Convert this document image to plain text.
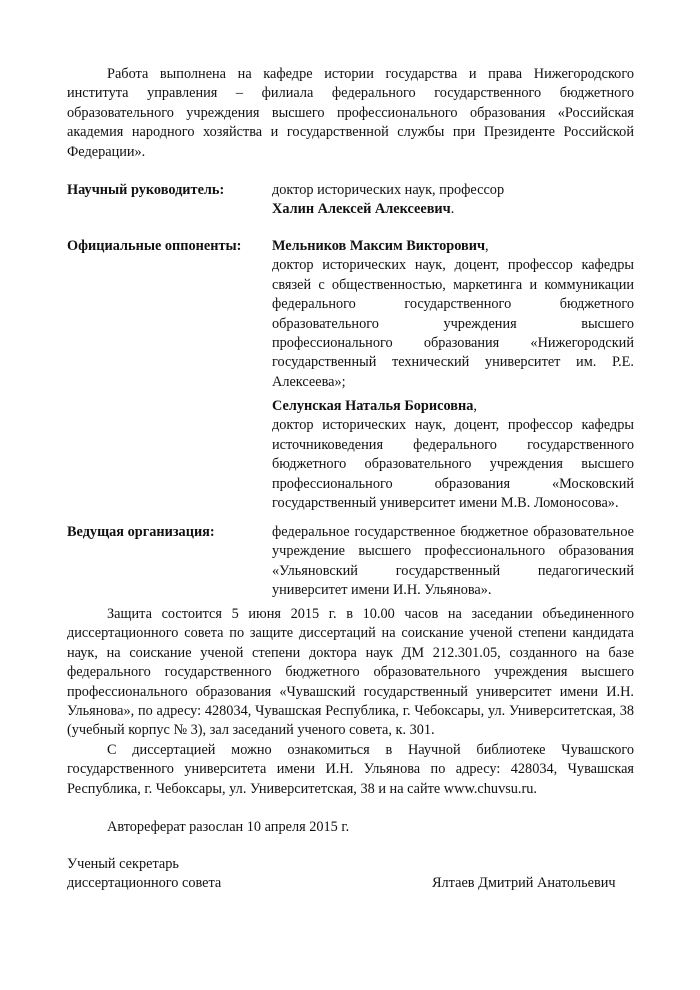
Работа выполнена на кафедре истории государства и права Нижегородского института управления – филиала федерального государственного бюджетного образовательного учреждения высшего профессионального образования «Российская академия народного хозяйства и государственной службы при Президенте Российской Федерации».

Научный руководитель:	доктор исторических наук, профессор
Халин Алексей Алексеевич.
Официальные оппоненты: Мельников Максим Викторович,
доктор исторических наук, доцент, профессор кафедры связей с общественностью, маркетинга и коммуникации федерального государственного бюджетного образовательного учреждения высшего профессионального образования «Нижегородский государственный технический университет им. Р.Е. Алексеева»;
Селунская Наталья Борисовна,
доктор исторических наук, доцент, профессор кафедры источниковедения федерального государственного бюджетного образовательного учреждения высшего профессионального образования «Московский государственный университет имени М.В. Ломоносова».
Ведущая организация:	федеральное государственное бюджетное образовательное учреждение высшего профессионального образования «Ульяновский государственный педагогический университет имени И.Н. Ульянова».

Защита состоится 5 июня 2015 г. в 10.00 часов на заседании объединенного диссертационного совета по защите диссертаций на соискание ученой степени кандидата наук, на соискание ученой степени доктора наук ДМ 212.301.05, созданного на базе федерального государственного бюджетного образовательного учреждения высшего профессионального образования «Чувашский государственный университет имени И.Н. Ульянова», по адресу: 428034, Чувашская Республика, г. Чебоксары, ул. Университетская, 38 (учебный корпус № 3), зал заседаний ученого совета, к. 301.

С диссертацией можно ознакомиться в Научной библиотеке Чувашского государственного университета имени И.Н. Ульянова по адресу: 428034, Чувашская Республика, г. Чебоксары, ул. Университетская, 38 и на сайте www.chuvsu.ru.

Автореферат разослан 10 апреля 2015 г.
Ученый секретарь
диссертационного совета	Ялтаев Дмитрий Анатольевич
